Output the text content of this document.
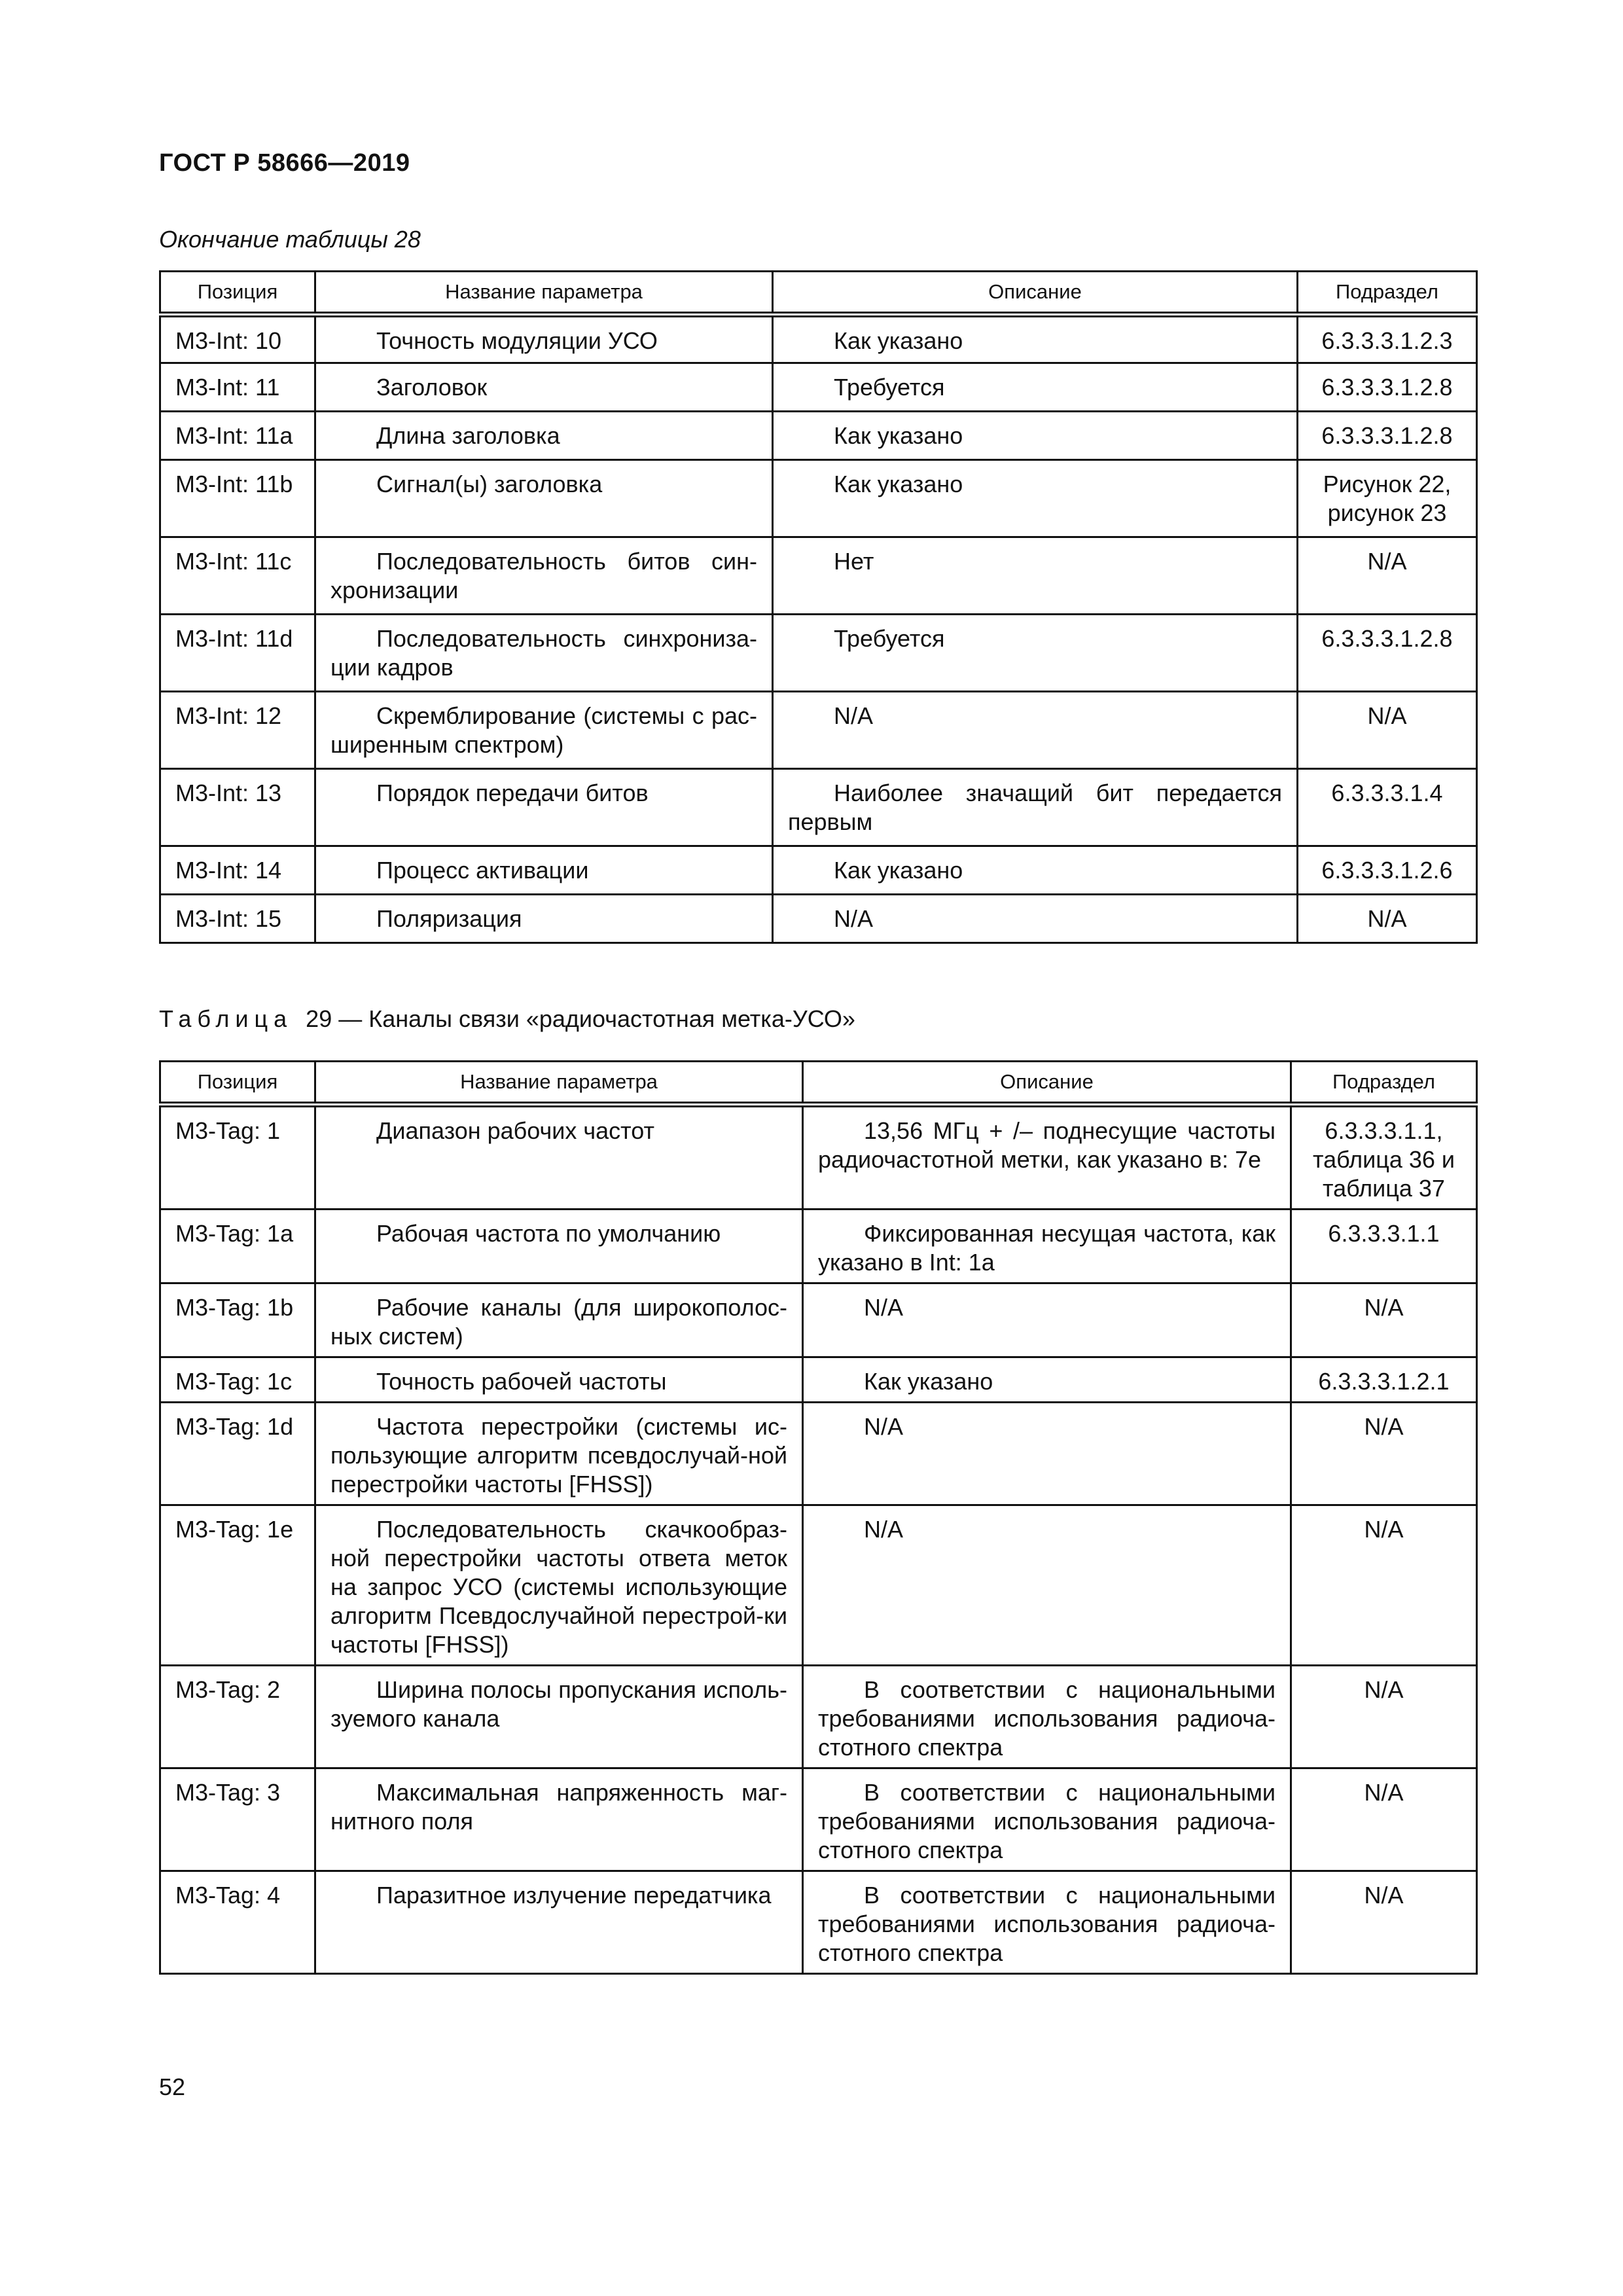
ГОСТ Р 58666—2019
Окончание таблицы 28
Позиция	Название параметра	Описание	Подраздел
M3-Int: 10	Точность модуляции УСО	Как указано	6.3.3.3.1.2.3
M3-Int: 11	Заголовок	Требуется	6.3.3.3.1.2.8
M3-Int: 11a	Длина заголовка	Как указано	6.3.3.3.1.2.8
M3-Int: 11b	Сигнал(ы) заголовка	Как указано	Рисунок 22, рисунок 23
M3-Int: 11c	Последовательность битов син-хронизации	Нет	N/A
M3-Int: 11d	Последовательность синхрониза-ции кадров	Требуется	6.3.3.3.1.2.8
M3-Int: 12	Скремблирование (системы с рас-ширенным спектром)	N/A	N/A
M3-Int: 13	Порядок передачи битов	Наиболее значащий бит передается первым	6.3.3.3.1.4
M3-Int: 14	Процесс активации	Как указано	6.3.3.3.1.2.6
M3-Int: 15	Поляризация	N/A	N/A
Таблица 29 — Каналы связи «радиочастотная метка-УСО»
Позиция	Название параметра	Описание	Подраздел
M3-Tag: 1	Диапазон рабочих частот	13,56 МГц + /– поднесущие частоты радиочастотной метки, как указано в: 7е	6.3.3.3.1.1, таблица 36 и таблица 37
M3-Tag: 1a	Рабочая частота по умолчанию	Фиксированная несущая частота, как указано в Int: 1a	6.3.3.3.1.1
M3-Tag: 1b	Рабочие каналы (для широкополос-ных систем)	N/A	N/A
M3-Tag: 1c	Точность рабочей частоты	Как указано	6.3.3.3.1.2.1
M3-Tag: 1d	Частота перестройки (системы ис-пользующие алгоритм псевдослучай-ной перестройки частоты [FHSS])	N/A	N/A
M3-Tag: 1e	Последовательность скачкообраз-ной перестройки частоты ответа меток на запрос УСО (системы использующие алгоритм Псевдослучайной перестрой-ки частоты [FHSS])	N/A	N/A
M3-Tag: 2	Ширина полосы пропускания исполь-зуемого канала	В соответствии с национальными требованиями использования радиоча-стотного спектра	N/A
M3-Tag: 3	Максимальная напряженность маг-нитного поля	В соответствии с национальными требованиями использования радиоча-стотного спектра	N/A
M3-Tag: 4	Паразитное излучение передатчика	В соответствии с национальными требованиями использования радиоча-стотного спектра	N/A
52
